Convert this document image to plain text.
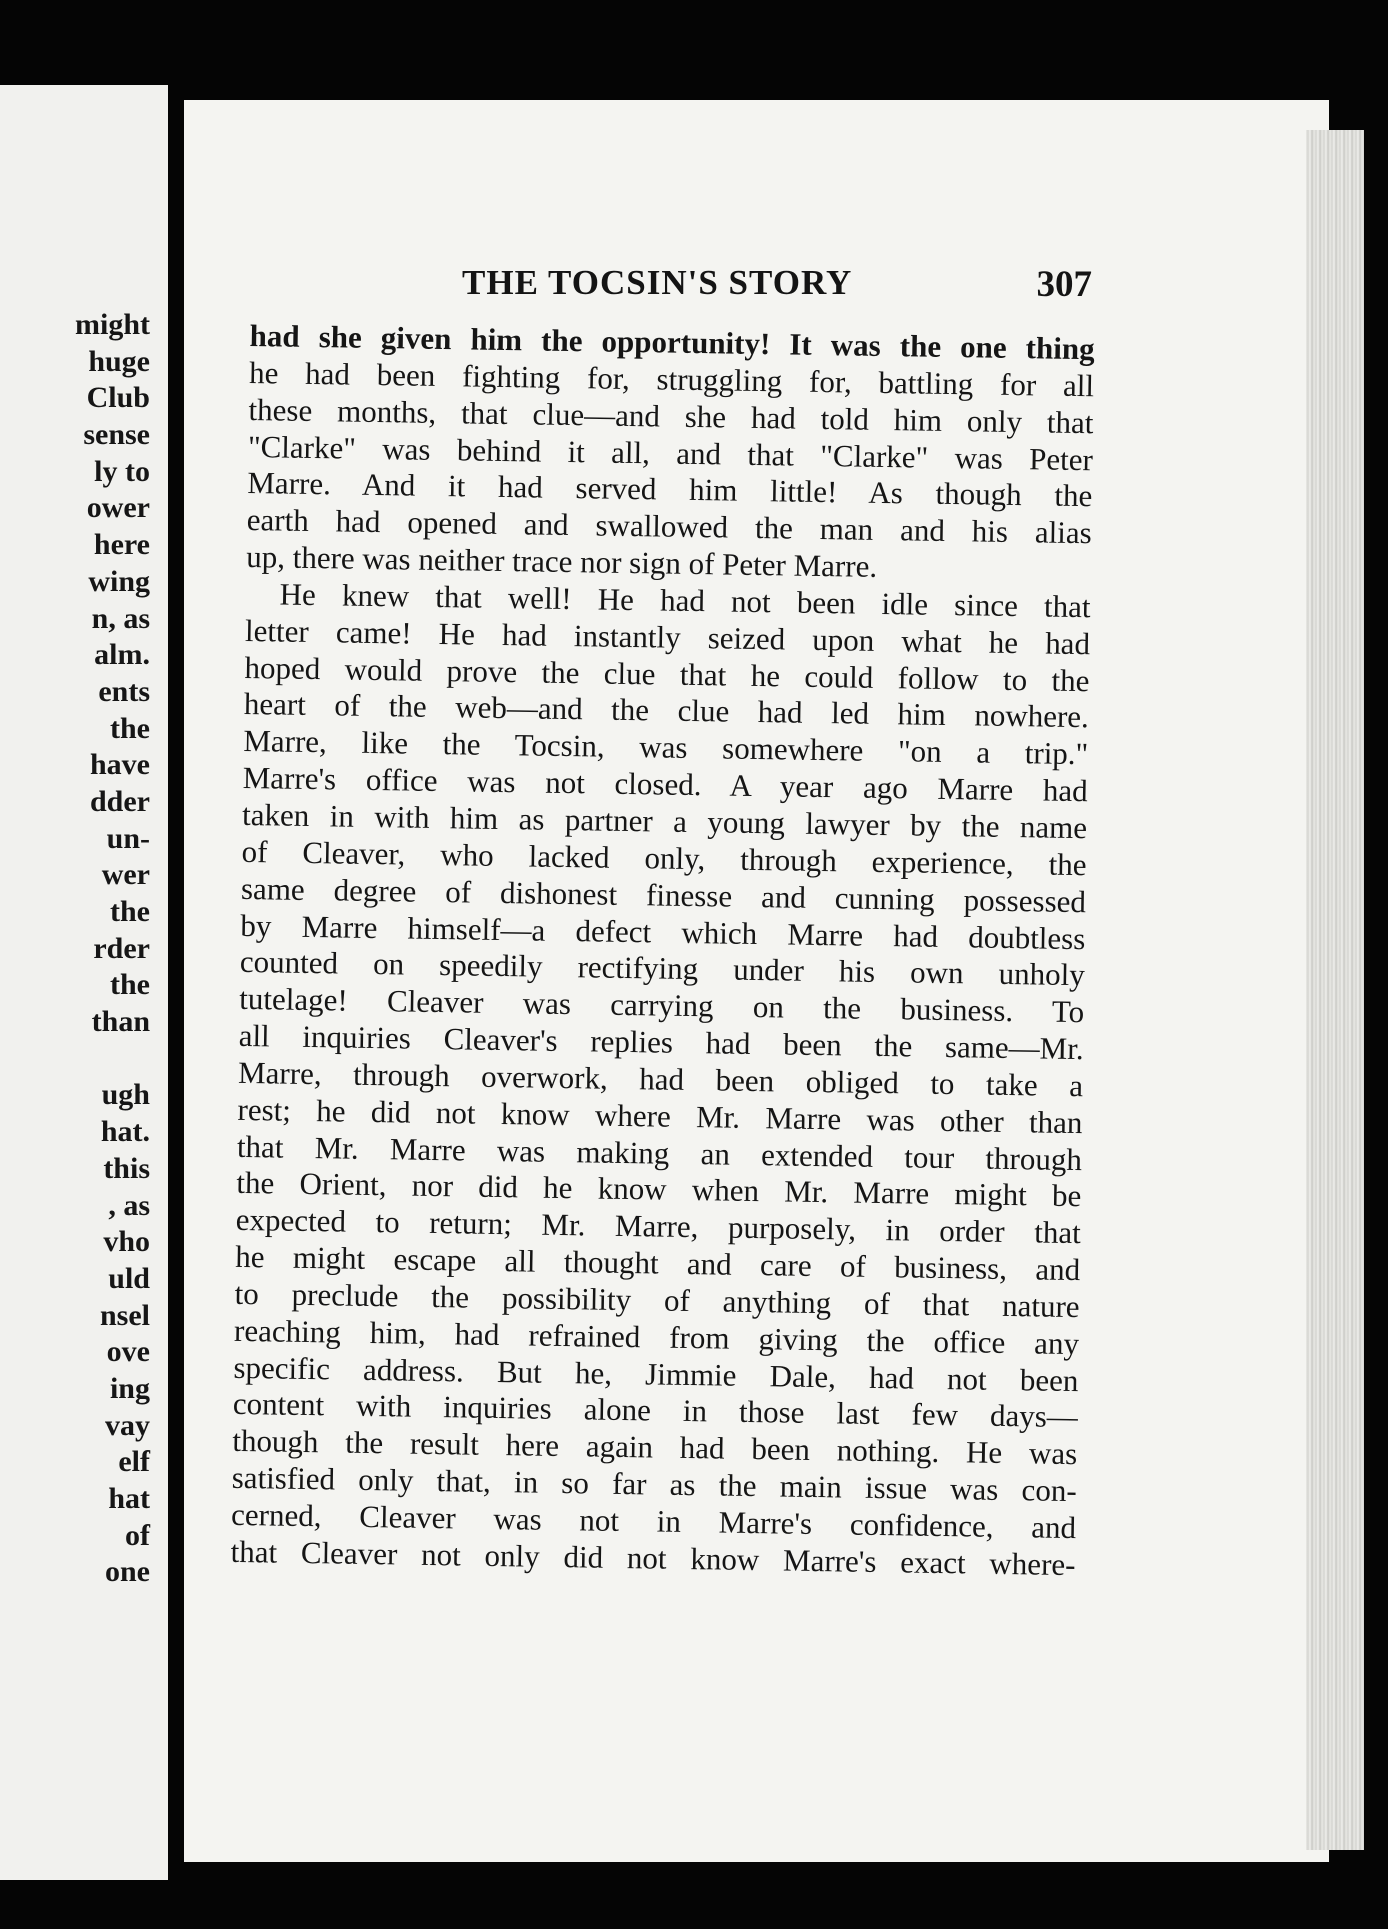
might
huge
Club
sense
ly to
ower
here
wing
n, as
alm.
ents
the
have
dder
un-
wer
the
rder
the
than
ugh
hat.
this
, as
vho
uld
nsel
ove
ing
vay
elf
hat
of
one
THE TOCSIN'S STORY	307
had she given him the opportunity! It was the one thing
he had been fighting for, struggling for, battling for all
these months, that clue—and she had told him only that
"Clarke" was behind it all, and that "Clarke" was Peter
Marre. And it had served him little! As though the
earth had opened and swallowed the man and his alias
up, there was neither trace nor sign of Peter Marre.
He knew that well! He had not been idle since that
letter came! He had instantly seized upon what he had
hoped would prove the clue that he could follow to the
heart of the web—and the clue had led him nowhere.
Marre, like the Tocsin, was somewhere "on a trip."
Marre's office was not closed. A year ago Marre had
taken in with him as partner a young lawyer by the name
of Cleaver, who lacked only, through experience, the
same degree of dishonest finesse and cunning possessed
by Marre himself—a defect which Marre had doubtless
counted on speedily rectifying under his own unholy
tutelage! Cleaver was carrying on the business. To
all inquiries Cleaver's replies had been the same—Mr.
Marre, through overwork, had been obliged to take a
rest; he did not know where Mr. Marre was other than
that Mr. Marre was making an extended tour through
the Orient, nor did he know when Mr. Marre might be
expected to return; Mr. Marre, purposely, in order that
he might escape all thought and care of business, and
to preclude the possibility of anything of that nature
reaching him, had refrained from giving the office any
specific address. But he, Jimmie Dale, had not been
content with inquiries alone in those last few days—
though the result here again had been nothing. He was
satisfied only that, in so far as the main issue was con-
cerned, Cleaver was not in Marre's confidence, and
that Cleaver not only did not know Marre's exact where-
